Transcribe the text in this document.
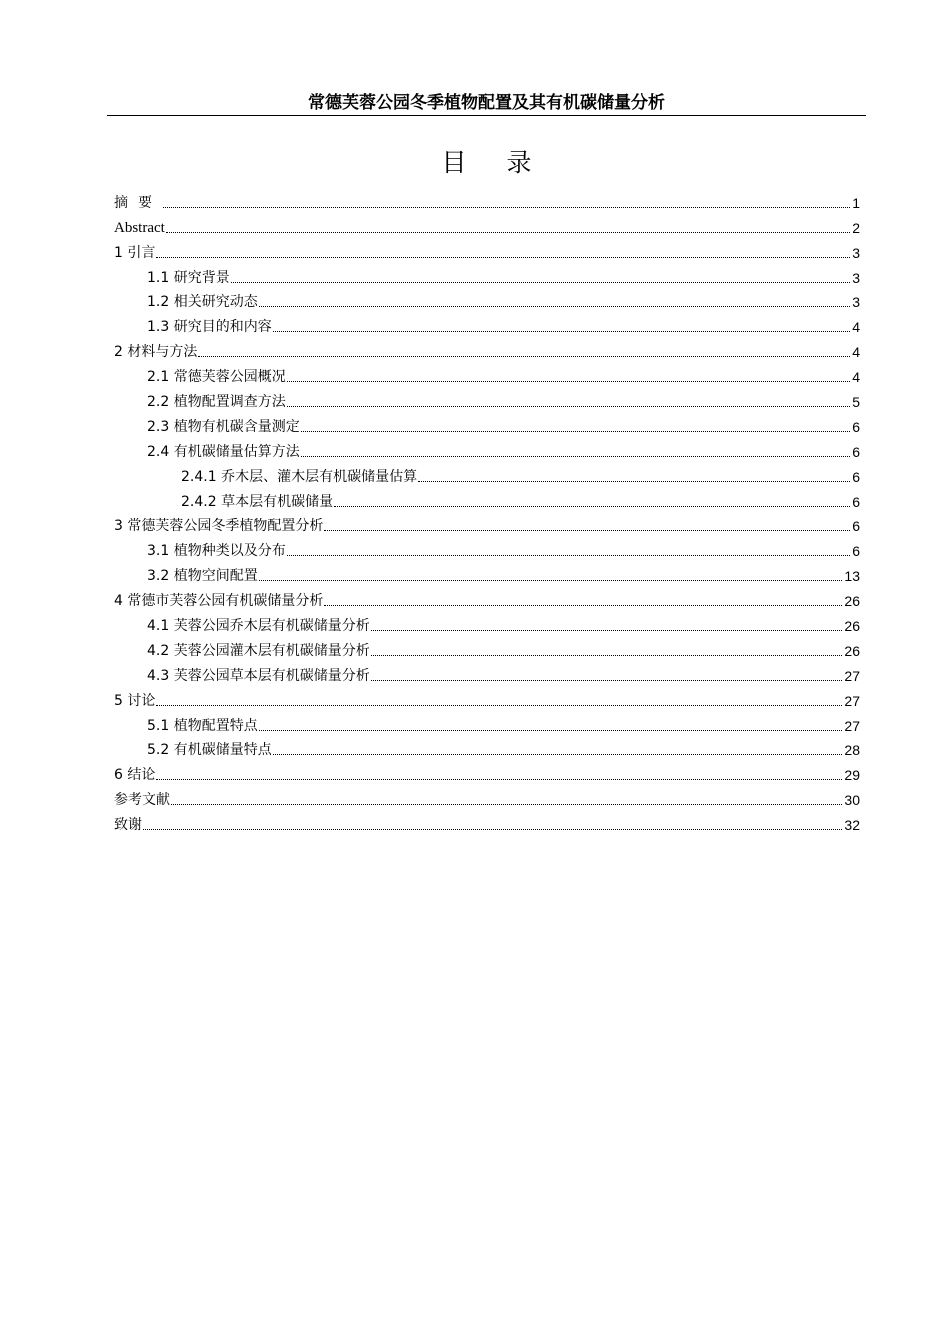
常德芙蓉公园冬季植物配置及其有机碳储量分析
目录
摘要	1
Abstract	2
1 引言	3
1.1 研究背景	3
1.2 相关研究动态	3
1.3 研究目的和内容	4
2 材料与方法	4
2.1 常德芙蓉公园概况	4
2.2 植物配置调查方法	5
2.3 植物有机碳含量测定	6
2.4 有机碳储量估算方法	6
2.4.1 乔木层、灌木层有机碳储量估算	6
2.4.2 草本层有机碳储量	6
3 常德芙蓉公园冬季植物配置分析	6
3.1 植物种类以及分布	6
3.2 植物空间配置	13
4 常德市芙蓉公园有机碳储量分析	26
4.1 芙蓉公园乔木层有机碳储量分析	26
4.2 芙蓉公园灌木层有机碳储量分析	26
4.3 芙蓉公园草本层有机碳储量分析	27
5 讨论	27
5.1 植物配置特点	27
5.2 有机碳储量特点	28
6 结论	29
参考文献	30
致谢	32
